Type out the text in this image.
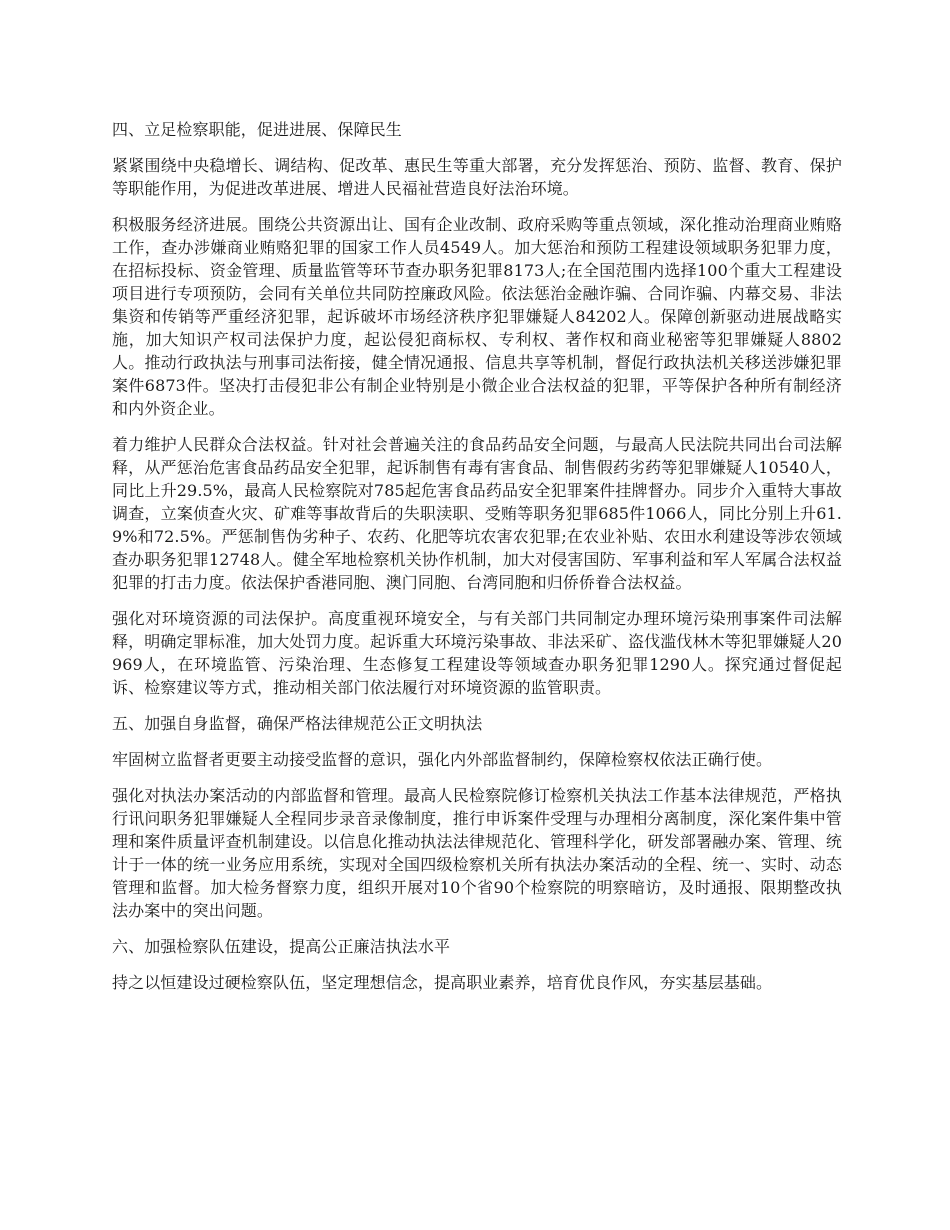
四、立足检察职能，促进进展、保障民生

紧紧围绕中央稳增长、调结构、促改革、惠民生等重大部署，充分发挥惩治、预防、监督、教育、保护等职能作用，为促进改革进展、增进人民福祉营造良好法治环境。

积极服务经济进展。围绕公共资源出让、国有企业改制、政府采购等重点领域，深化推动治理商业贿赂工作，查办涉嫌商业贿赂犯罪的国家工作人员4549人。加大惩治和预防工程建设领域职务犯罪力度，在招标投标、资金管理、质量监管等环节查办职务犯罪8173人;在全国范围内选择100个重大工程建设项目进行专项预防，会同有关单位共同防控廉政风险。依法惩治金融诈骗、合同诈骗、内幕交易、非法集资和传销等严重经济犯罪，起诉破坏市场经济秩序犯罪嫌疑人84202人。保障创新驱动进展战略实施，加大知识产权司法保护力度，起讼侵犯商标权、专利权、著作权和商业秘密等犯罪嫌疑人8802人。推动行政执法与刑事司法衔接，健全情况通报、信息共享等机制，督促行政执法机关移送涉嫌犯罪案件6873件。坚决打击侵犯非公有制企业特别是小微企业合法权益的犯罪，平等保护各种所有制经济和内外资企业。

着力维护人民群众合法权益。针对社会普遍关注的食品药品安全问题，与最高人民法院共同出台司法解释，从严惩治危害食品药品安全犯罪，起诉制售有毒有害食品、制售假药劣药等犯罪嫌疑人10540人，同比上升29.5%，最高人民检察院对785起危害食品药品安全犯罪案件挂牌督办。同步介入重特大事故调查，立案侦查火灾、矿难等事故背后的失职渎职、受贿等职务犯罪685件1066人，同比分别上升61.9%和72.5%。严惩制售伪劣种子、农药、化肥等坑农害农犯罪;在农业补贴、农田水利建设等涉农领域查办职务犯罪12748人。健全军地检察机关协作机制，加大对侵害国防、军事利益和军人军属合法权益犯罪的打击力度。依法保护香港同胞、澳门同胞、台湾同胞和归侨侨眷合法权益。

强化对环境资源的司法保护。高度重视环境安全，与有关部门共同制定办理环境污染刑事案件司法解释，明确定罪标准，加大处罚力度。起诉重大环境污染事故、非法采矿、盗伐滥伐林木等犯罪嫌疑人20969人，在环境监管、污染治理、生态修复工程建设等领域查办职务犯罪1290人。探究通过督促起诉、检察建议等方式，推动相关部门依法履行对环境资源的监管职责。

五、加强自身监督，确保严格法律规范公正文明执法

牢固树立监督者更要主动接受监督的意识，强化内外部监督制约，保障检察权依法正确行使。

强化对执法办案活动的内部监督和管理。最高人民检察院修订检察机关执法工作基本法律规范，严格执行讯问职务犯罪嫌疑人全程同步录音录像制度，推行申诉案件受理与办理相分离制度，深化案件集中管理和案件质量评查机制建设。以信息化推动执法法律规范化、管理科学化，研发部署融办案、管理、统计于一体的统一业务应用系统，实现对全国四级检察机关所有执法办案活动的全程、统一、实时、动态管理和监督。加大检务督察力度，组织开展对10个省90个检察院的明察暗访，及时通报、限期整改执法办案中的突出问题。

六、加强检察队伍建设，提高公正廉洁执法水平

持之以恒建设过硬检察队伍，坚定理想信念，提高职业素养，培育优良作风，夯实基层基础。
